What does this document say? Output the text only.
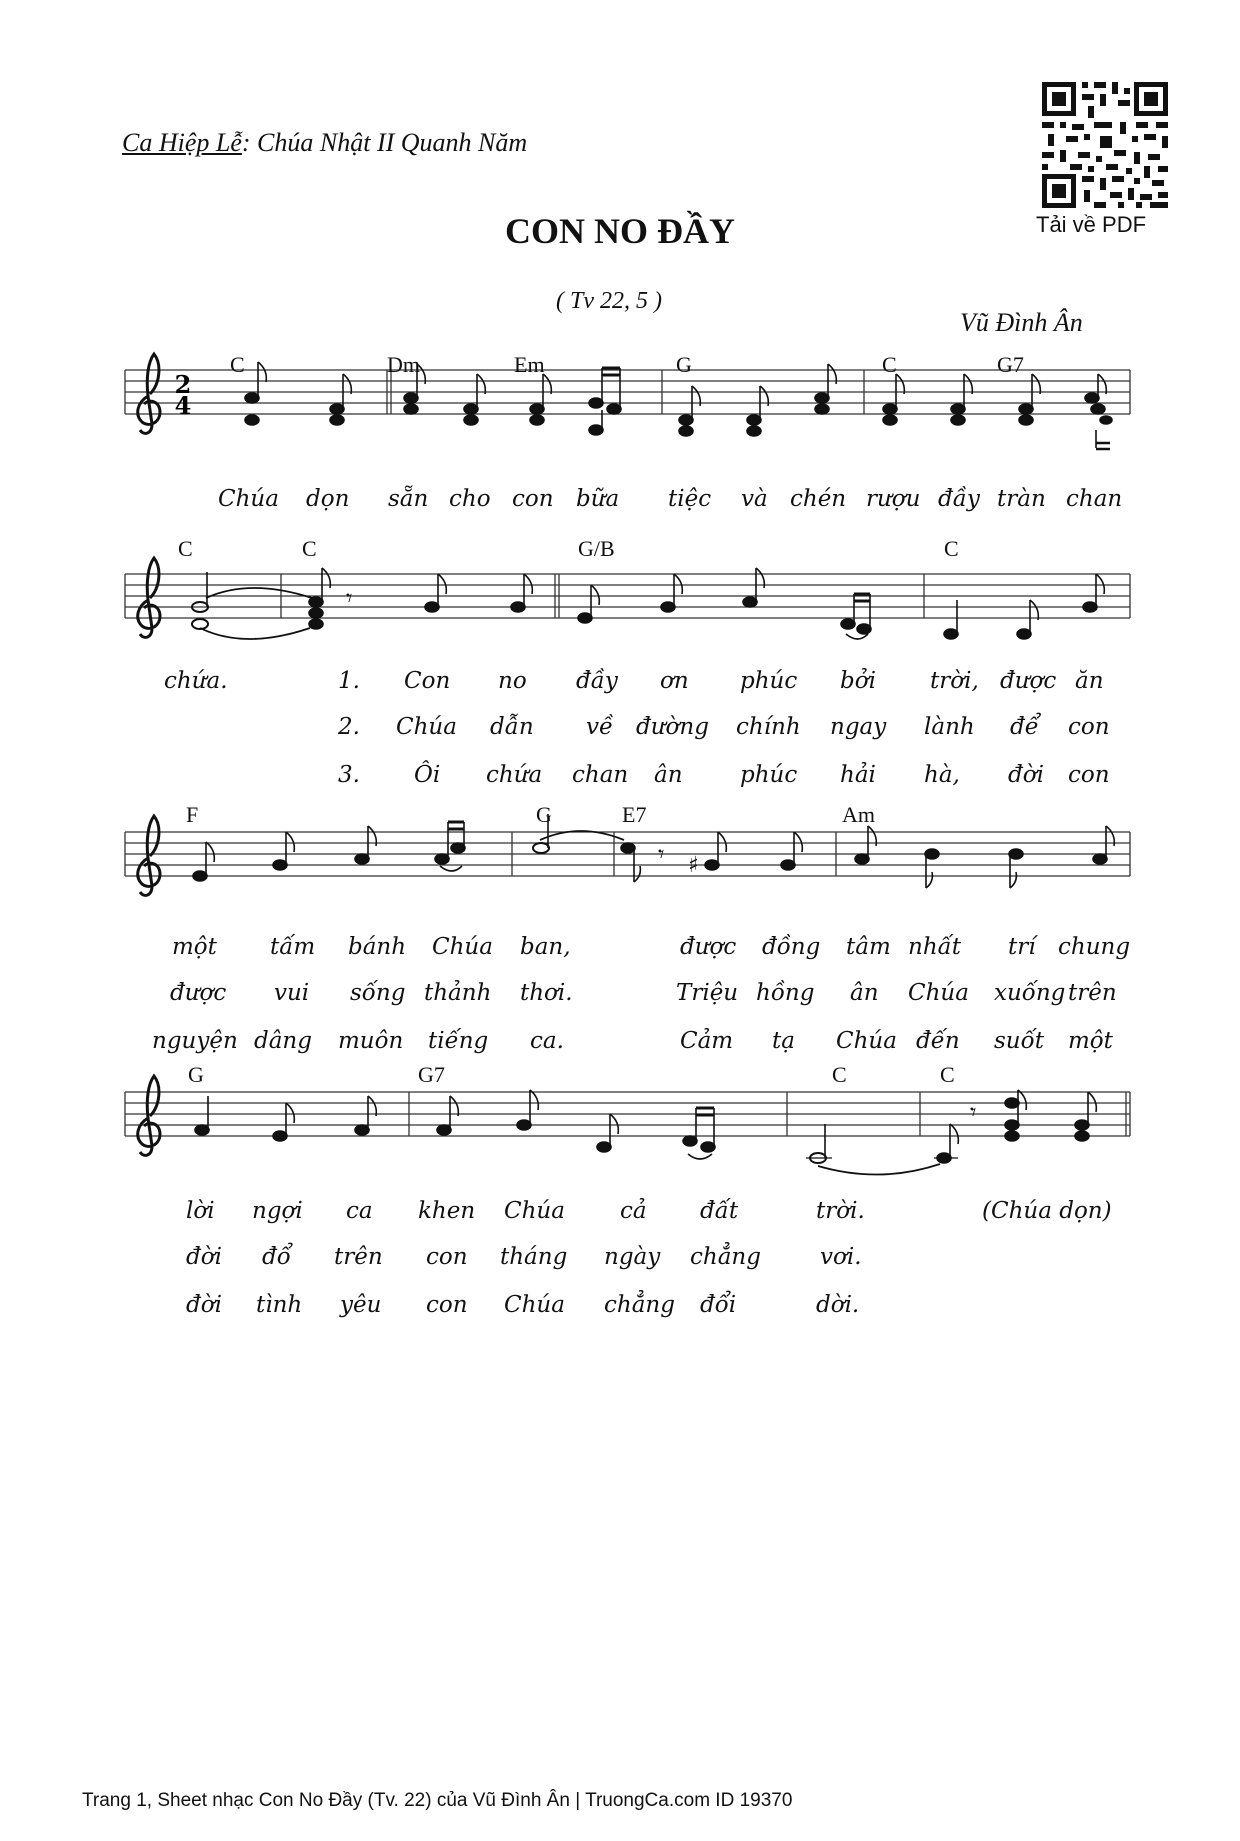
Ca Hiệp Lễ: Chúa Nhật II Quanh Năm
CON NO ĐẦY
( Tv 22, 5 )
Vũ Đình Ân
Tải về PDF
2
4
C	Dm	Em	G	C	G7
C	C	G/B	C
F	G	E7	Am
G	G7	C	C
𝄾
𝄾 ♯
𝄾
Chúa dọn sẵn cho con bữa tiệc và chén rượu đầy tràn chan
chứa.	1. Con no đầy ơn phúc bởi trời, được ăn
2. Chúa dẫn về đường chính ngay lành để con
3. Ôi chứa chan ân phúc hải hà, đời con
một tấm bánh Chúa ban,	được đồng tâm nhất trí chung
được vui sống thảnh thơi.	Triệu hồng ân Chúa xuống trên
nguyện dâng muôn tiếng ca.	Cảm tạ Chúa đến suốt một
lời ngợi ca khen Chúa cả đất	trời.	(Chúa dọn)
đời đổ trên con tháng ngày chẳng	vơi.
đời tình yêu con Chúa chẳng đổi	dời.
Trang 1, Sheet nhạc Con No Đầy (Tv. 22) của Vũ Đình Ân | TruongCa.com ID 19370
